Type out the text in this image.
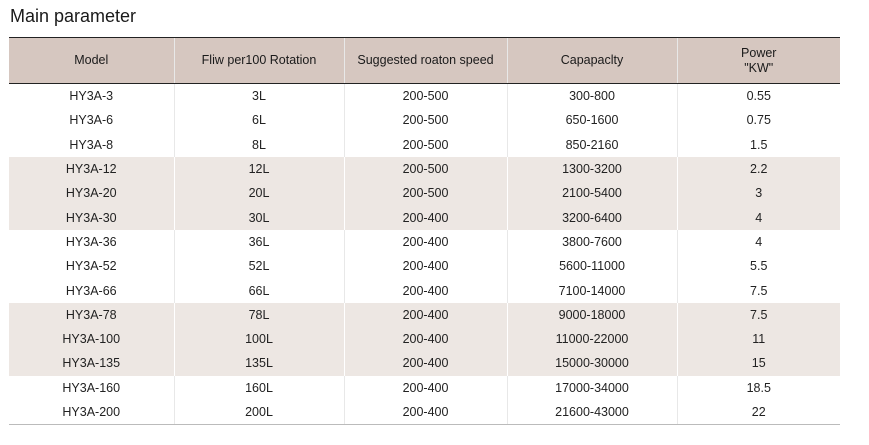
Main parameter
Model	Fliw per100 Rotation	Suggested roaton speed	Capapaclty	Power
"KW"
HY3A-3	3L	200-500	300-800	0.55
HY3A-6	6L	200-500	650-1600	0.75
HY3A-8	8L	200-500	850-2160	1.5
HY3A-12	12L	200-500	1300-3200	2.2
HY3A-20	20L	200-500	2100-5400	3
HY3A-30	30L	200-400	3200-6400	4
HY3A-36	36L	200-400	3800-7600	4
HY3A-52	52L	200-400	5600-11000	5.5
HY3A-66	66L	200-400	7100-14000	7.5
HY3A-78	78L	200-400	9000-18000	7.5
HY3A-100	100L	200-400	11000-22000	11
HY3A-135	135L	200-400	15000-30000	15
HY3A-160	160L	200-400	17000-34000	18.5
HY3A-200	200L	200-400	21600-43000	22
